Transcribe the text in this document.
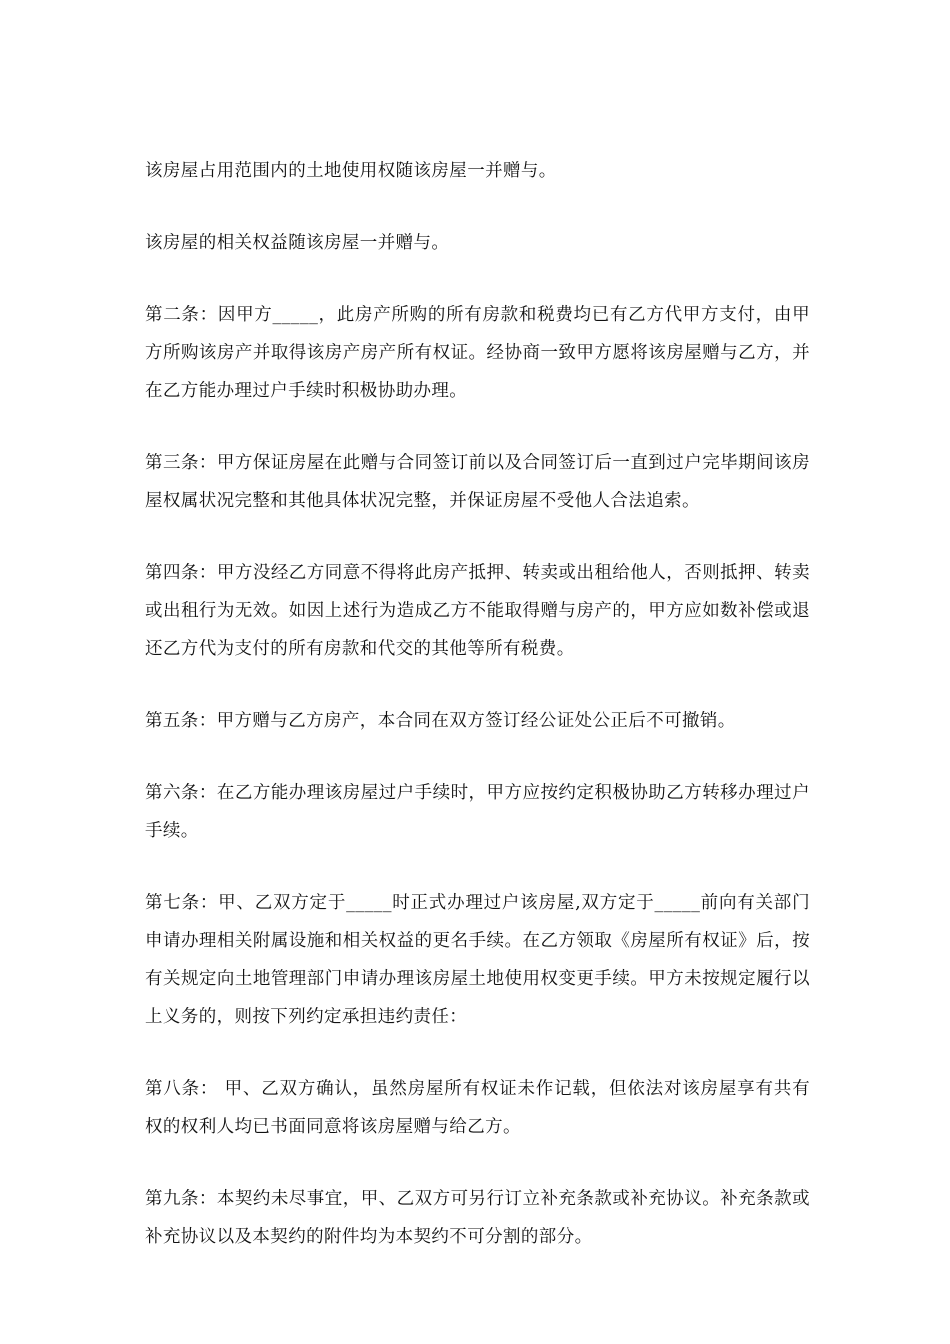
该房屋占用范围内的土地使用权随该房屋一并赠与。

该房屋的相关权益随该房屋一并赠与。

第二条：因甲方_____，此房产所购的所有房款和税费均已有乙方代甲方支付，由甲方所购该房产并取得该房产房产所有权证。经协商一致甲方愿将该房屋赠与乙方，并在乙方能办理过户手续时积极协助办理。

第三条：甲方保证房屋在此赠与合同签订前以及合同签订后一直到过户完毕期间该房屋权属状况完整和其他具体状况完整，并保证房屋不受他人合法追索。

第四条：甲方没经乙方同意不得将此房产抵押、转卖或出租给他人，否则抵押、转卖或出租行为无效。如因上述行为造成乙方不能取得赠与房产的，甲方应如数补偿或退还乙方代为支付的所有房款和代交的其他等所有税费。

第五条：甲方赠与乙方房产，本合同在双方签订经公证处公正后不可撤销。

第六条：在乙方能办理该房屋过户手续时，甲方应按约定积极协助乙方转移办理过户手续。

第七条：甲、乙双方定于_____时正式办理过户该房屋,双方定于_____前向有关部门申请办理相关附属设施和相关权益的更名手续。在乙方领取《房屋所有权证》后，按有关规定向土地管理部门申请办理该房屋土地使用权变更手续。甲方未按规定履行以上义务的，则按下列约定承担违约责任：

第八条： 甲、乙双方确认，虽然房屋所有权证未作记载，但依法对该房屋享有共有权的权利人均已书面同意将该房屋赠与给乙方。

第九条：本契约未尽事宜，甲、乙双方可另行订立补充条款或补充协议。补充条款或补充协议以及本契约的附件均为本契约不可分割的部分。
